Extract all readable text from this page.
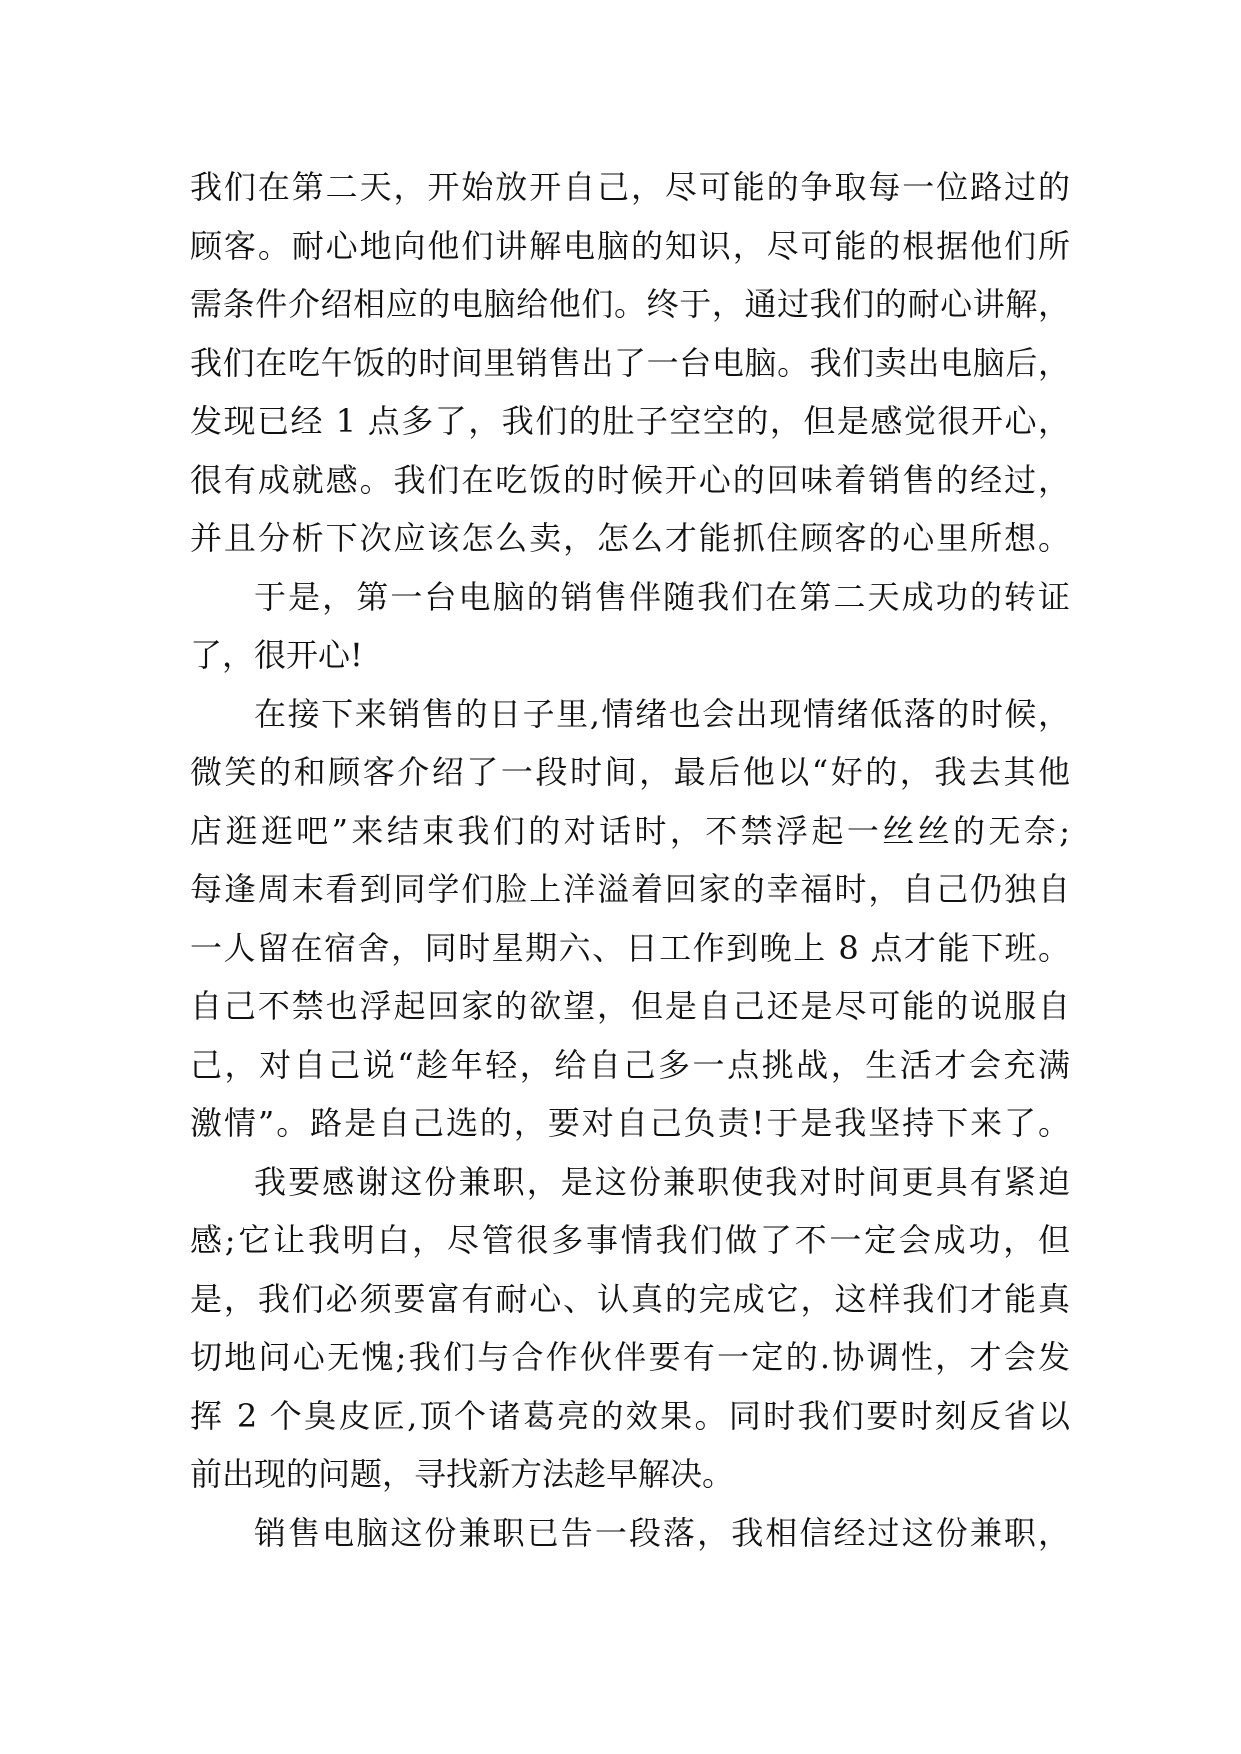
我们在第二天，开始放开自己，尽可能的争取每一位路过的
顾客。耐心地向他们讲解电脑的知识，尽可能的根据他们所
需条件介绍相应的电脑给他们。终于，通过我们的耐心讲解，
我们在吃午饭的时间里销售出了一台电脑。我们卖出电脑后，
发现已经 1 点多了，我们的肚子空空的，但是感觉很开心，
很有成就感。我们在吃饭的时候开心的回味着销售的经过，
并且分析下次应该怎么卖，怎么才能抓住顾客的心里所想。
于是，第一台电脑的销售伴随我们在第二天成功的转证
了，很开心!
在接下来销售的日子里,情绪也会出现情绪低落的时候，
微笑的和顾客介绍了一段时间，最后他以“好的，我去其他
店逛逛吧”来结束我们的对话时，不禁浮起一丝丝的无奈;
每逢周末看到同学们脸上洋溢着回家的幸福时，自己仍独自
一人留在宿舍，同时星期六、日工作到晚上 8 点才能下班。
自己不禁也浮起回家的欲望，但是自己还是尽可能的说服自
己，对自己说“趁年轻，给自己多一点挑战，生活才会充满
激情”。路是自己选的，要对自己负责!于是我坚持下来了。
我要感谢这份兼职，是这份兼职使我对时间更具有紧迫
感;它让我明白，尽管很多事情我们做了不一定会成功，但
是，我们必须要富有耐心、认真的完成它，这样我们才能真
切地问心无愧;我们与合作伙伴要有一定的.协调性，才会发
挥 2 个臭皮匠,顶个诸葛亮的效果。同时我们要时刻反省以
前出现的问题，寻找新方法趁早解决。
销售电脑这份兼职已告一段落，我相信经过这份兼职，
